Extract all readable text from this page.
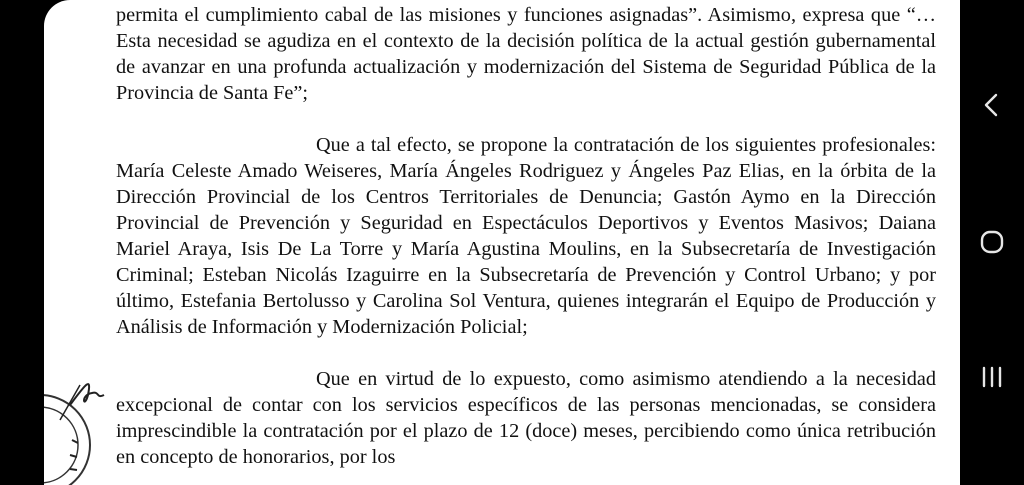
permita el cumplimiento cabal de las misiones y funciones asignadas”. Asimismo, expresa que “… Esta necesidad se agudiza en el contexto de la decisión política de la actual gestión gubernamental de avanzar en una profunda actualización y modernización del Sistema de Seguridad Pública de la Provincia de Santa Fe”;

Que a tal efecto, se propone la contratación de los siguientes profesionales: María Celeste Amado Weiseres, María Ángeles Rodriguez y Ángeles Paz Elias, en la órbita de la Dirección Provincial de los Centros Territoriales de Denuncia; Gastón Aymo en la Dirección Provincial de Prevención y Seguridad en Espectáculos Deportivos y Eventos Masivos; Daiana Mariel Araya, Isis De La Torre y María Agustina Moulins, en la Subsecretaría de Investigación Criminal; Esteban Nicolás Izaguirre en la Subsecretaría de Prevención y Control Urbano; y por último, Estefania Bertolusso y Carolina Sol Ventura, quienes integrarán el Equipo de Producción y Análisis de Información y Modernización Policial;

Que en virtud de lo expuesto, como asimismo atendiendo a la necesidad excepcional de contar con los servicios específicos de las personas mencionadas, se considera imprescindible la contratación por el plazo de 12 (doce) meses, percibiendo como única retribución en concepto de honorarios, por los
